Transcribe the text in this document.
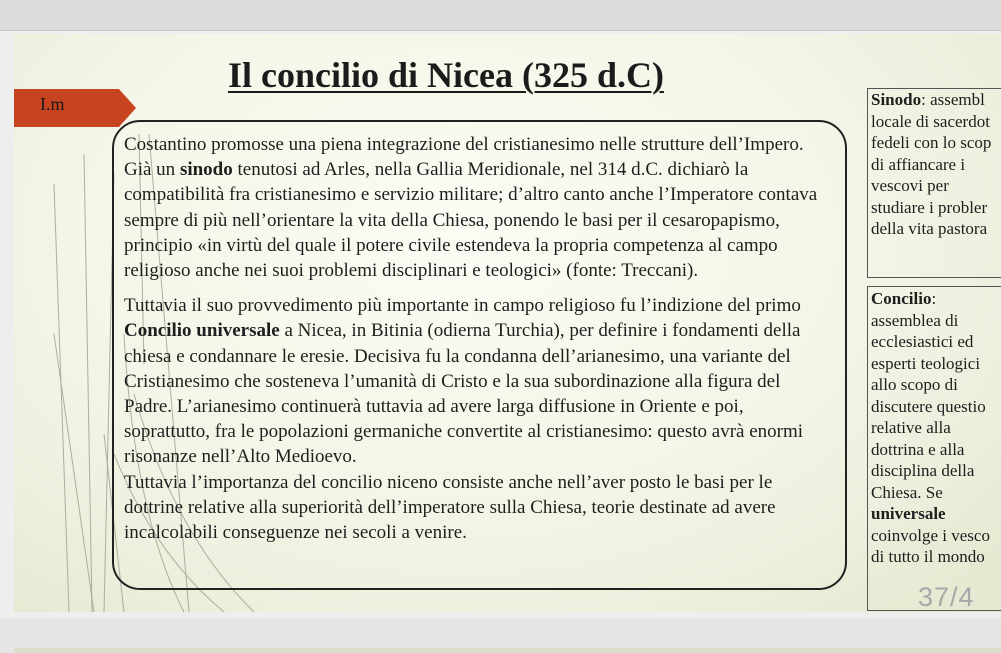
I.m
Il concilio di Nicea (325 d.C)

Costantino promosse una piena integrazione del cristianesimo nelle strutture dell’Impero. Già un sinodo tenutosi ad Arles, nella Gallia Meridionale, nel 314 d.C. dichiarò la compatibilità fra cristianesimo e servizio militare; d’altro canto anche l’Imperatore contava sempre di più nell’orientare la vita della Chiesa, ponendo le basi per il cesaropapismo, principio «in virtù del quale il potere civile estendeva la propria competenza al campo religioso anche nei suoi problemi disciplinari e teologici» (fonte: Treccani).

Tuttavia il suo provvedimento più importante in campo religioso fu l’indizione del primo Concilio universale a Nicea, in Bitinia (odierna Turchia), per definire i fondamenti della chiesa e condannare le eresie. Decisiva fu la condanna dell’arianesimo, una variante del Cristianesimo che sosteneva l’umanità di Cristo e la sua subordinazione alla figura del Padre. L’arianesimo continuerà tuttavia ad avere larga diffusione in Oriente e poi, soprattutto, fra le popolazioni germaniche convertite al cristianesimo: questo avrà enormi risonanze nell’Alto Medioevo.

Tuttavia l’importanza del concilio niceno consiste anche nell’aver posto le basi per le dottrine relative alla superiorità dell’imperatore sulla Chiesa, teorie destinate ad avere incalcolabili conseguenze nei secoli a venire.

Sinodo: assembl
locale di sacerdot
fedeli con lo scop
di affiancare i
vescovi per
studiare i probler
della vita pastora
Concilio:
assemblea di
ecclesiastici ed
esperti teologici
allo scopo di
discutere questio
relative alla
dottrina e alla
disciplina della
Chiesa. Se
universale
coinvolge i vesco
di tutto il mondo
37/4
